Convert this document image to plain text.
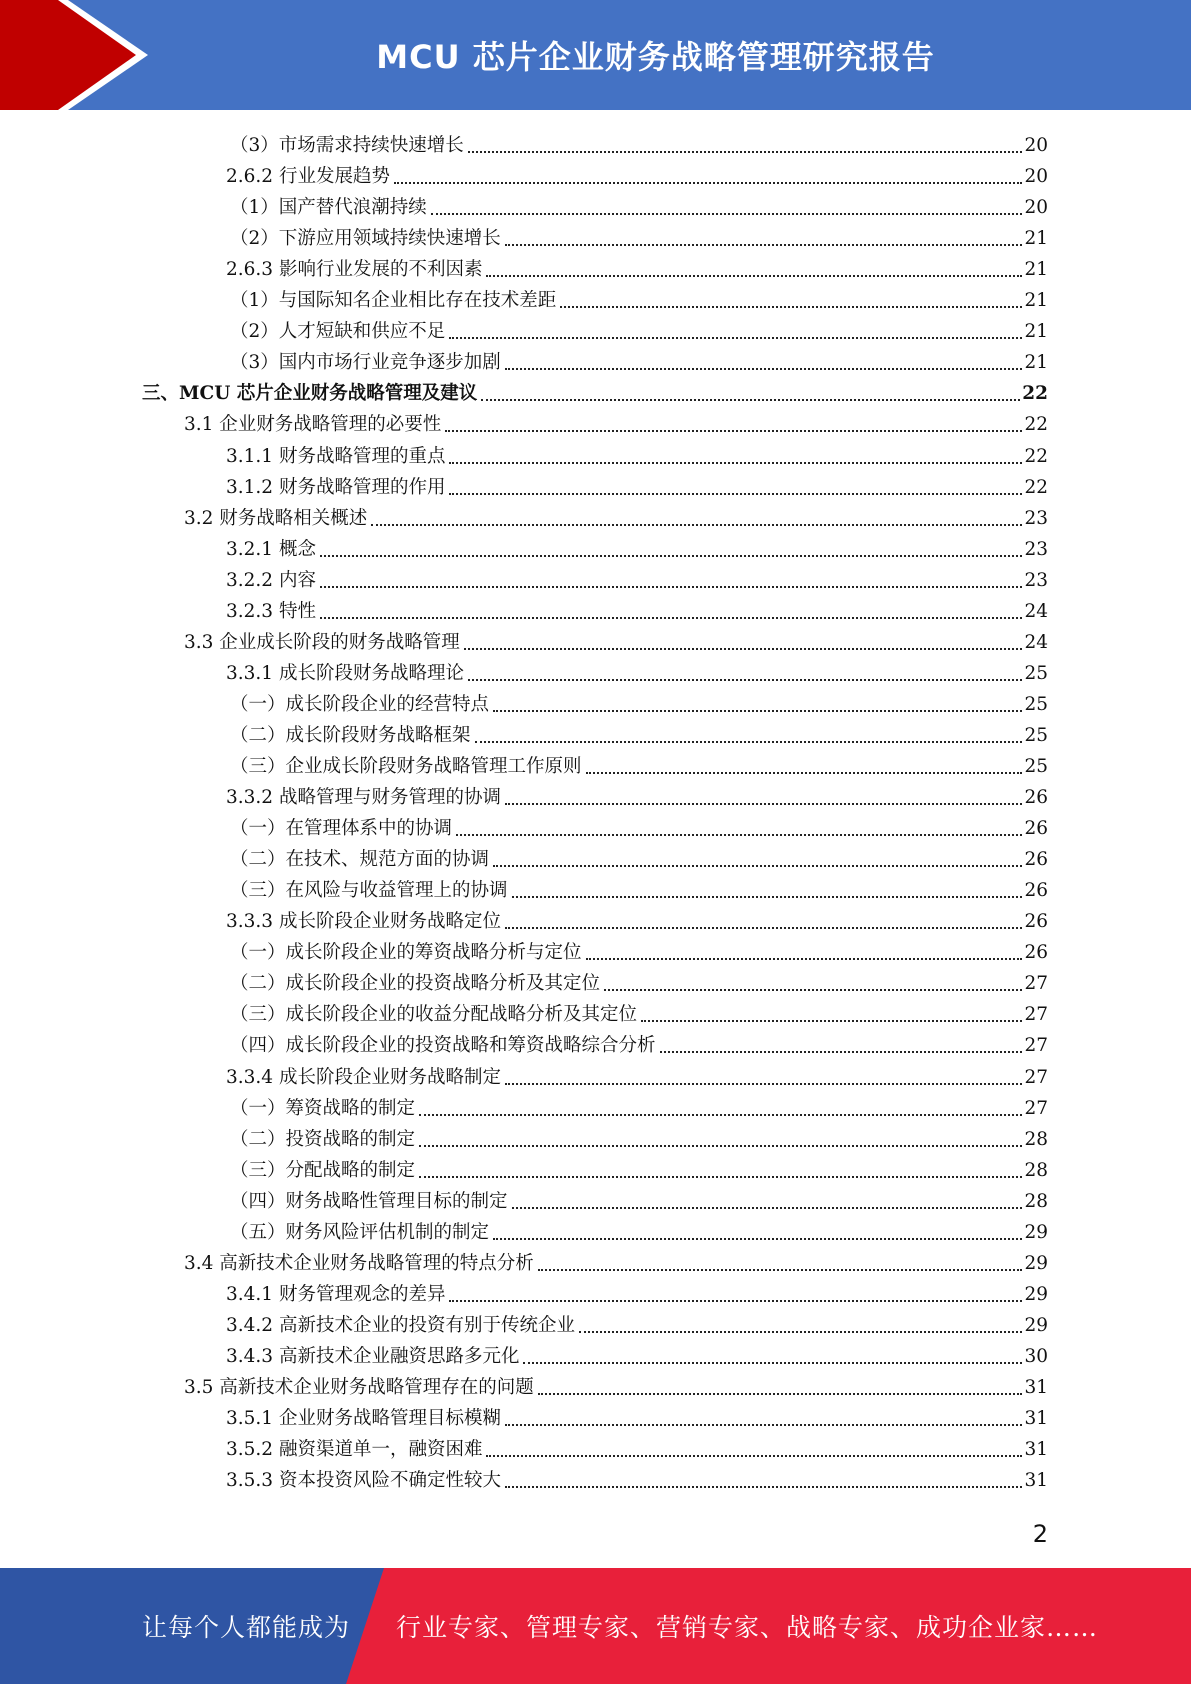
MCU 芯片企业财务战略管理研究报告
（3）市场需求持续快速增长	20
2.6.2 行业发展趋势	20
（1）国产替代浪潮持续	20
（2）下游应用领域持续快速增长	21
2.6.3 影响行业发展的不利因素	21
（1）与国际知名企业相比存在技术差距	21
（2）人才短缺和供应不足	21
（3）国内市场行业竞争逐步加剧	21
三、MCU 芯片企业财务战略管理及建议	22
3.1 企业财务战略管理的必要性	22
3.1.1 财务战略管理的重点	22
3.1.2 财务战略管理的作用	22
3.2 财务战略相关概述	23
3.2.1 概念	23
3.2.2 内容	23
3.2.3 特性	24
3.3 企业成长阶段的财务战略管理	24
3.3.1 成长阶段财务战略理论	25
（一）成长阶段企业的经营特点	25
（二）成长阶段财务战略框架	25
（三）企业成长阶段财务战略管理工作原则	25
3.3.2 战略管理与财务管理的协调	26
（一）在管理体系中的协调	26
（二）在技术、规范方面的协调	26
（三）在风险与收益管理上的协调	26
3.3.3 成长阶段企业财务战略定位	26
（一）成长阶段企业的筹资战略分析与定位	26
（二）成长阶段企业的投资战略分析及其定位	27
（三）成长阶段企业的收益分配战略分析及其定位	27
（四）成长阶段企业的投资战略和筹资战略综合分析	27
3.3.4 成长阶段企业财务战略制定	27
（一）筹资战略的制定	27
（二）投资战略的制定	28
（三）分配战略的制定	28
（四）财务战略性管理目标的制定	28
（五）财务风险评估机制的制定	29
3.4 高新技术企业财务战略管理的特点分析	29
3.4.1 财务管理观念的差异	29
3.4.2 高新技术企业的投资有别于传统企业	29
3.4.3 高新技术企业融资思路多元化	30
3.5 高新技术企业财务战略管理存在的问题	31
3.5.1 企业财务战略管理目标模糊	31
3.5.2 融资渠道单一，融资困难	31
3.5.3 资本投资风险不确定性较大	31
2
让每个人都能成为 行业专家、管理专家、营销专家、战略专家、成功企业家……
